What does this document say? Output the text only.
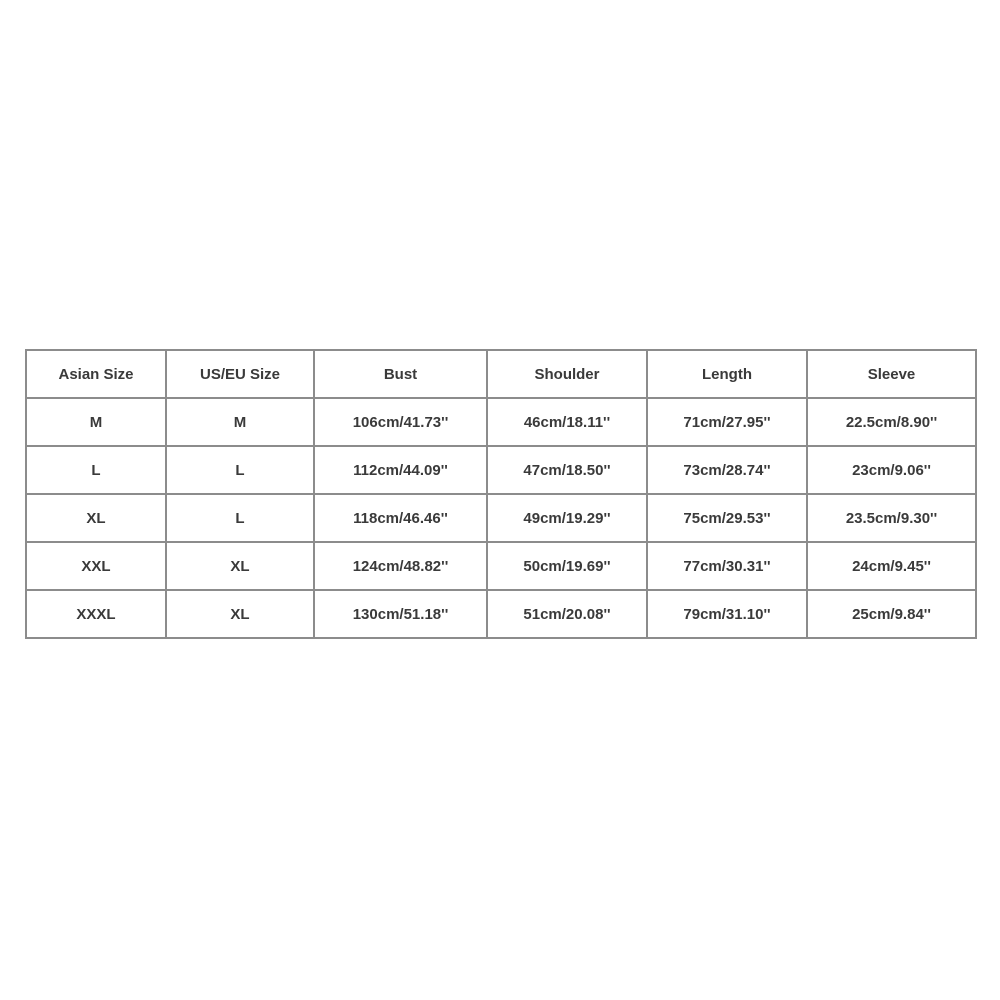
Asian Size	US/EU Size	Bust	Shoulder	Length	Sleeve
M	M	106cm/41.73''	46cm/18.11''	71cm/27.95''	22.5cm/8.90''
L	L	112cm/44.09''	47cm/18.50''	73cm/28.74''	23cm/9.06''
XL	L	118cm/46.46''	49cm/19.29''	75cm/29.53''	23.5cm/9.30''
XXL	XL	124cm/48.82''	50cm/19.69''	77cm/30.31''	24cm/9.45''
XXXL	XL	130cm/51.18''	51cm/20.08''	79cm/31.10''	25cm/9.84''
